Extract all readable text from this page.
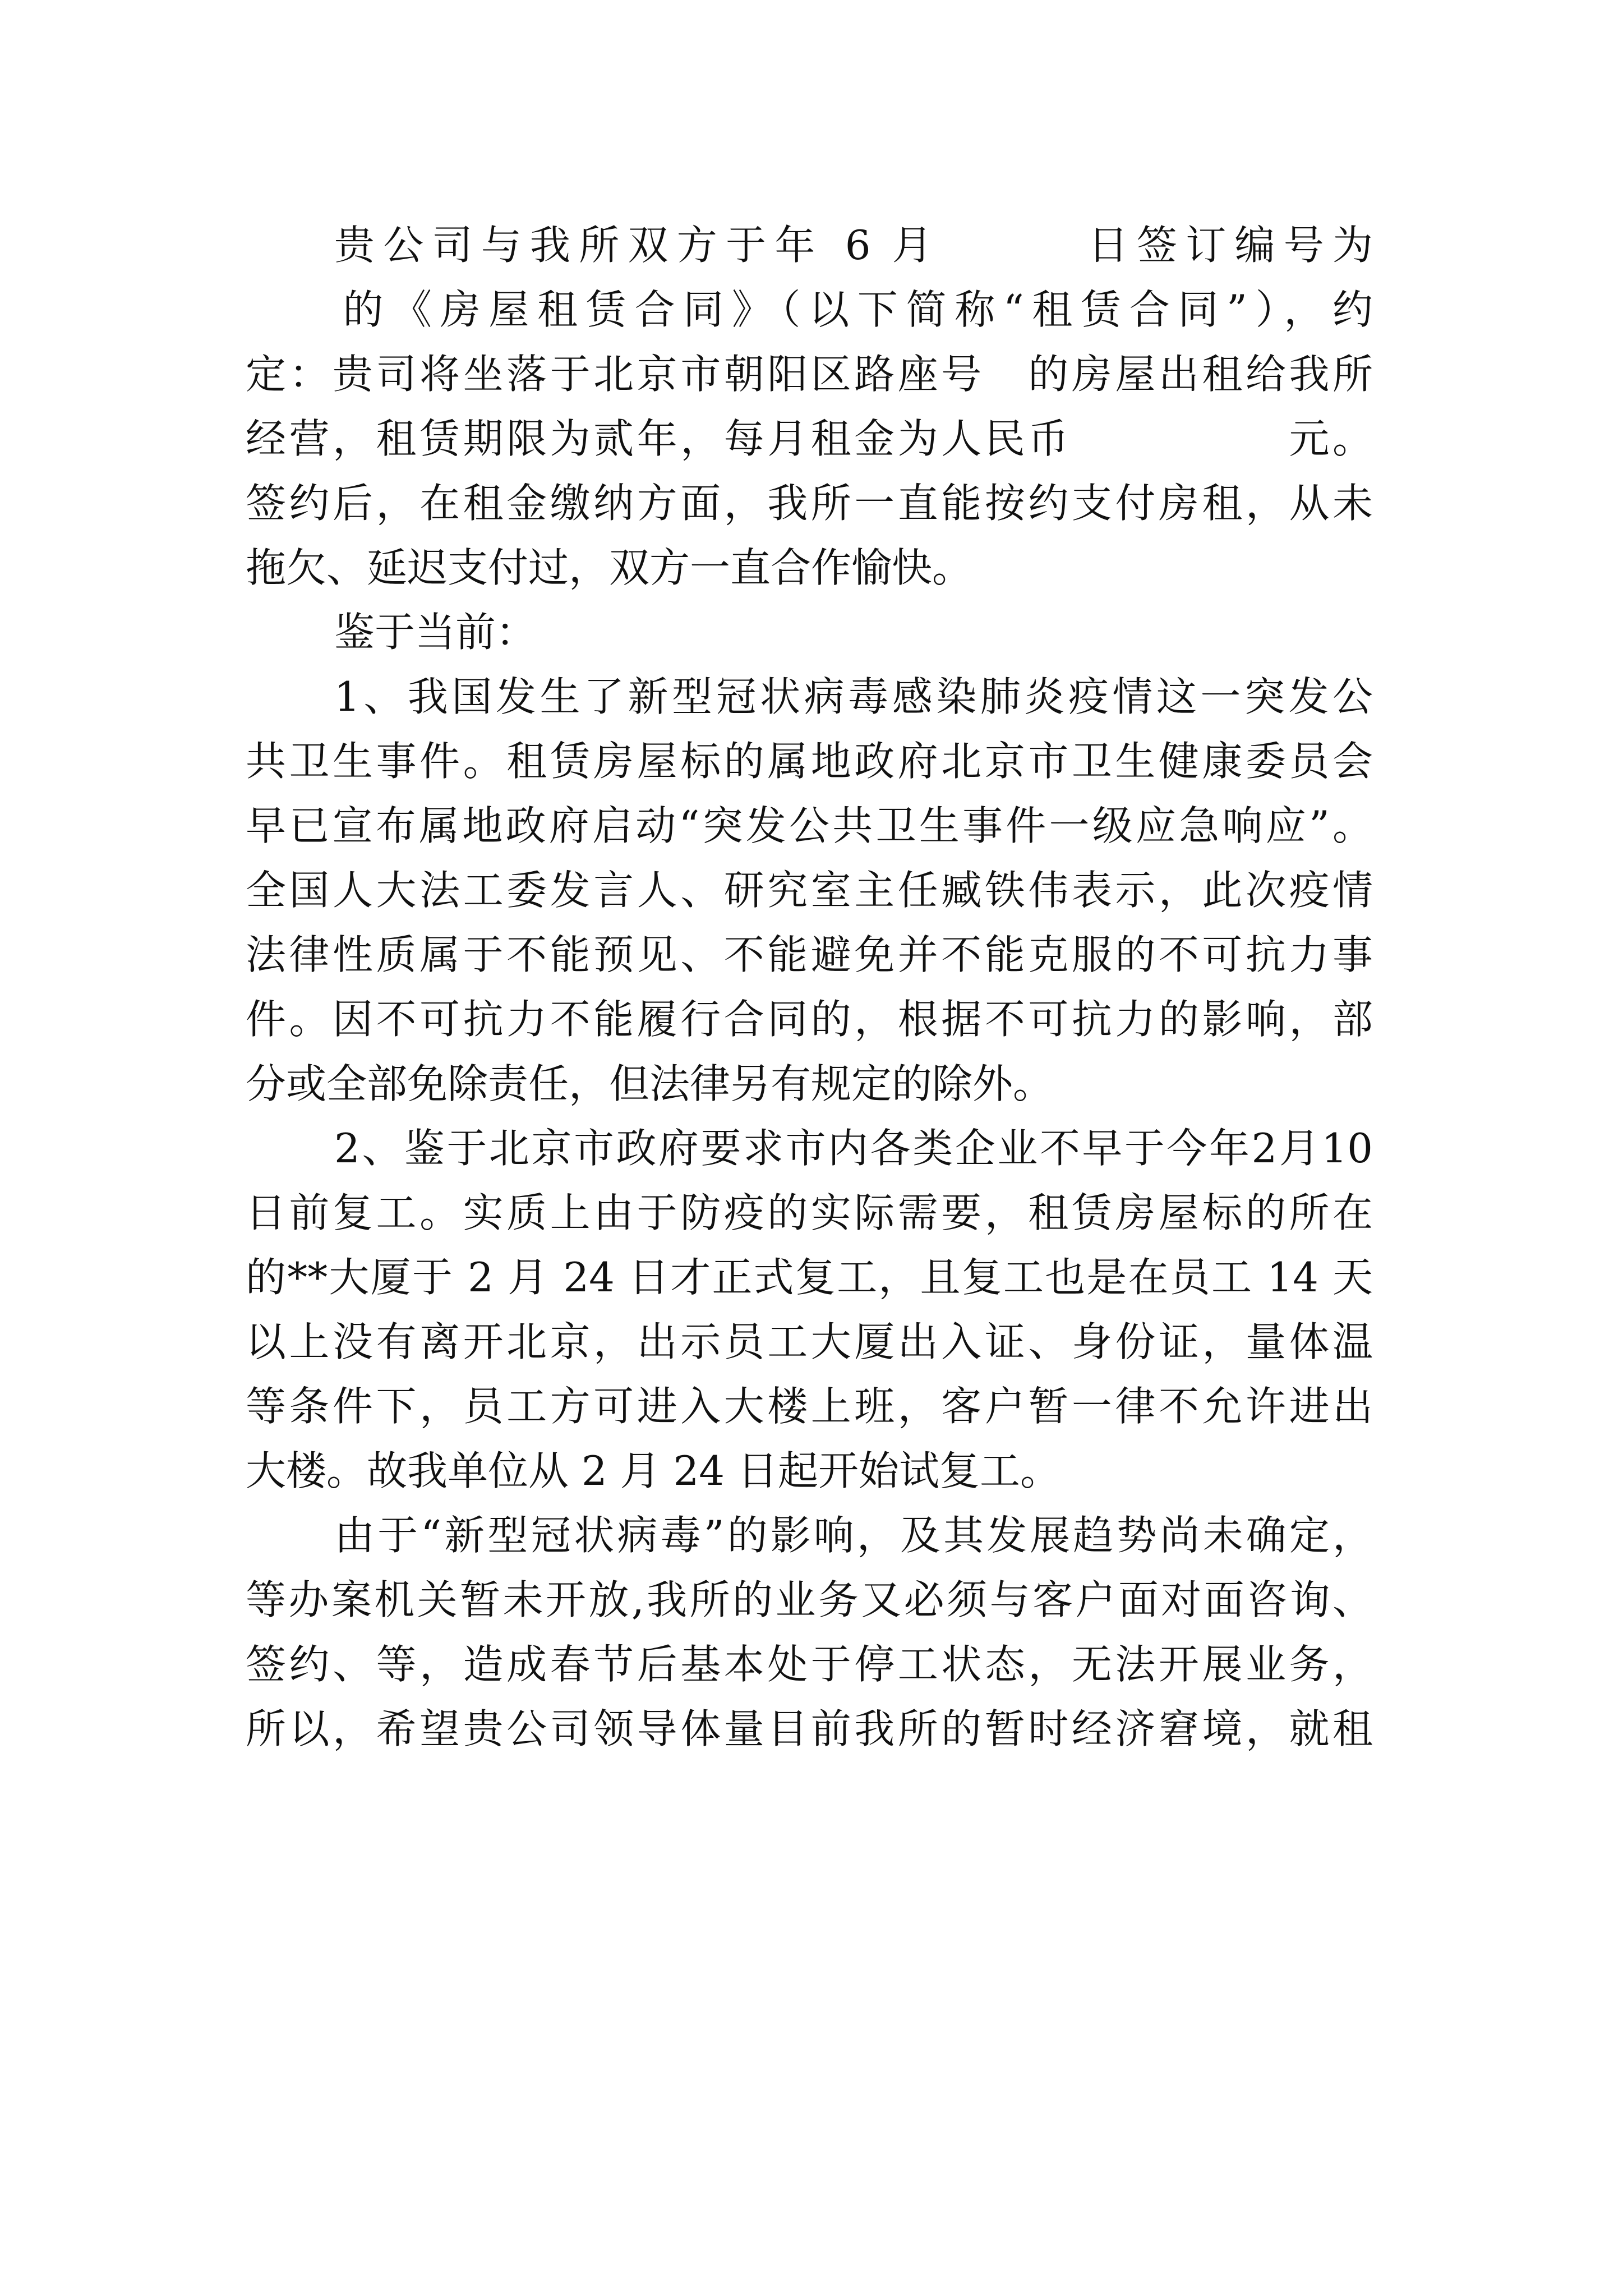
贵公司与我所双方于年 6 月　　　日签订编号为
　　的《房屋租赁合同》（以下简称“租赁合同”），约
定：贵司将坐落于北京市朝阳区路座号　的房屋出租给我所
经营，租赁期限为贰年，每月租金为人民币　　　　　元。
签约后，在租金缴纳方面，我所一直能按约支付房租，从未
拖欠、延迟支付过，双方一直合作愉快。
鉴于当前：
1、我国发生了新型冠状病毒感染肺炎疫情这一突发公
共卫生事件。租赁房屋标的属地政府北京市卫生健康委员会
早已宣布属地政府启动“突发公共卫生事件一级应急响应”。
全国人大法工委发言人、研究室主任臧铁伟表示，此次疫情
法律性质属于不能预见、不能避免并不能克服的不可抗力事
件。因不可抗力不能履行合同的，根据不可抗力的影响，部
分或全部免除责任，但法律另有规定的除外。
2、鉴于北京市政府要求市内各类企业不早于今年2月10
日前复工。实质上由于防疫的实际需要，租赁房屋标的所在
的**大厦于 2 月 24 日才正式复工，且复工也是在员工 14 天
以上没有离开北京，出示员工大厦出入证、身份证，量体温
等条件下，员工方可进入大楼上班，客户暂一律不允许进出
大楼。故我单位从 2 月 24 日起开始试复工。
由于“新型冠状病毒”的影响，及其发展趋势尚未确定，
等办案机关暂未开放,我所的业务又必须与客户面对面咨询、
签约、等，造成春节后基本处于停工状态，无法开展业务，
所以，希望贵公司领导体量目前我所的暂时经济窘境，就租
